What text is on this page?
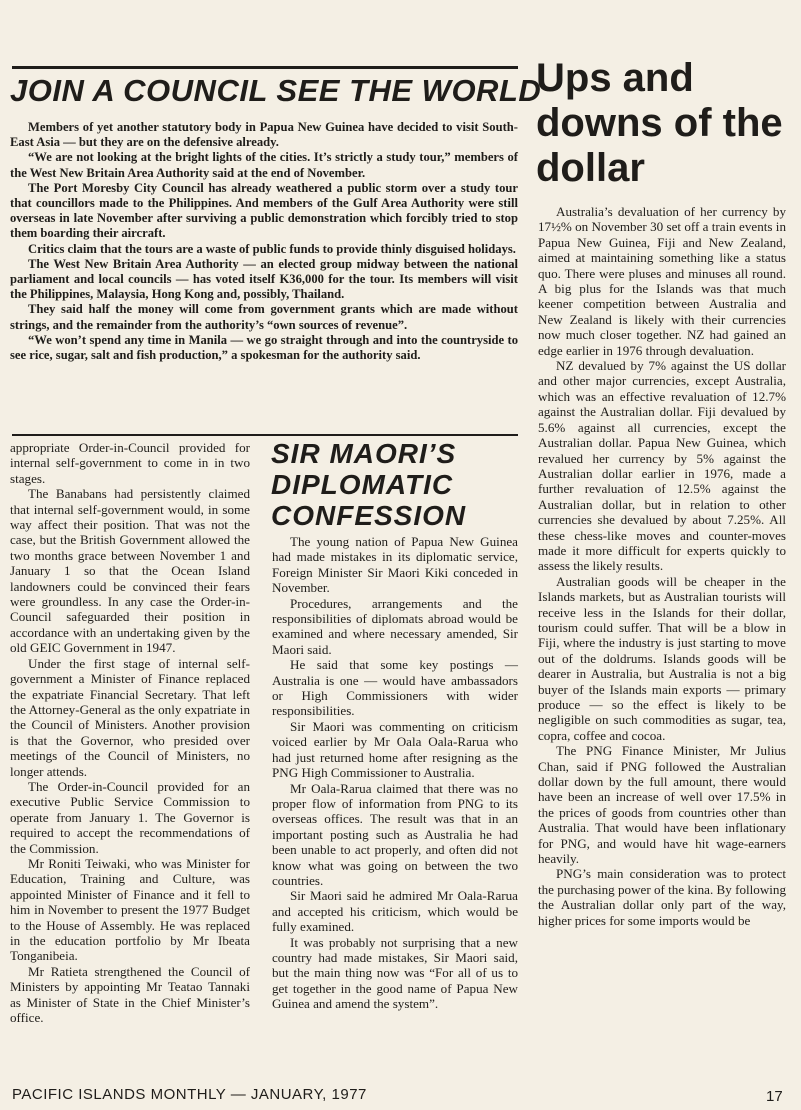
JOIN A COUNCIL SEE THE WORLD

Members of yet another statutory body in Papua New Guinea have decided to visit South-East Asia — but they are on the defensive already.

“We are not looking at the bright lights of the cities. It’s strictly a study tour,” members of the West New Britain Area Authority said at the end of November.

The Port Moresby City Council has already weathered a public storm over a study tour that councillors made to the Philippines. And members of the Gulf Area Authority were still overseas in late November after surviving a public demonstration which forcibly tried to stop them boarding their aircraft.

Critics claim that the tours are a waste of public funds to provide thinly disguised holidays.

The West New Britain Area Authority — an elected group midway between the national parliament and local councils — has voted itself K36,000 for the tour. Its members will visit the Philippines, Malaysia, Hong Kong and, possibly, Thailand.

They said half the money will come from government grants which are made without strings, and the remainder from the authority’s “own sources of revenue”.

“We won’t spend any time in Manila — we go straight through and into the countryside to see rice, sugar, salt and fish production,” a spokesman for the authority said.

appropriate Order-in-Council provided for internal self-government to come in in two stages.

The Banabans had persistently claimed that internal self-government would, in some way affect their position. That was not the case, but the British Government allowed the two months grace between November 1 and January 1 so that the Ocean Island landowners could be convinced their fears were groundless. In any case the Order-in-Council safeguarded their position in accordance with an undertaking given by the old GEIC Government in 1947.

Under the first stage of internal self-government a Minister of Finance replaced the expatriate Financial Secretary. That left the Attorney-General as the only expatriate in the Council of Ministers. Another provision is that the Governor, who presided over meetings of the Council of Ministers, no longer attends.

The Order-in-Council provided for an executive Public Service Commission to operate from January 1. The Governor is required to accept the recommendations of the Commission.

Mr Roniti Teiwaki, who was Minister for Education, Training and Culture, was appointed Minister of Finance and it fell to him in November to present the 1977 Budget to the House of Assembly. He was replaced in the education portfolio by Mr Ibeata Tonganibeia.

Mr Ratieta strengthened the Council of Ministers by appointing Mr Teatao Tannaki as Minister of State in the Chief Minister’s office.

SIR MAORI’S DIPLOMATIC CONFESSION

The young nation of Papua New Guinea had made mistakes in its diplomatic service, Foreign Minister Sir Maori Kiki conceded in November.

Procedures, arrangements and the responsibilities of diplomats abroad would be examined and where necessary amended, Sir Maori said.

He said that some key postings — Australia is one — would have ambassadors or High Commissioners with wider responsibilities.

Sir Maori was commenting on criticism voiced earlier by Mr Oala Oala-Rarua who had just returned home after resigning as the PNG High Commissioner to Australia.

Mr Oala-Rarua claimed that there was no proper flow of information from PNG to its overseas offices. The result was that in an important posting such as Australia he had been unable to act properly, and often did not know what was going on between the two countries.

Sir Maori said he admired Mr Oala-Rarua and accepted his criticism, which would be fully examined.

It was probably not surprising that a new country had made mistakes, Sir Maori said, but the main thing now was “For all of us to get together in the good name of Papua New Guinea and amend the system”.

Ups and downs of the dollar

Australia’s devaluation of her currency by 17½% on November 30 set off a train events in Papua New Guinea, Fiji and New Zealand, aimed at maintaining something like a status quo. There were pluses and minuses all round. A big plus for the Islands was that much keener competition between Australia and New Zealand is likely with their currencies now much closer together. NZ had gained an edge earlier in 1976 through devaluation.

NZ devalued by 7% against the US dollar and other major currencies, except Australia, which was an effective revaluation of 12.7% against the Australian dollar. Fiji devalued by 5.6% against all currencies, except the Australian dollar. Papua New Guinea, which revalued her currency by 5% against the Australian dollar earlier in 1976, made a further revaluation of 12.5% against the Australian dollar, but in relation to other currencies she devalued by about 7.25%. All these chess-like moves and counter-moves made it more difficult for experts quickly to assess the likely results.

Australian goods will be cheaper in the Islands markets, but as Australian tourists will receive less in the Islands for their dollar, tourism could suffer. That will be a blow in Fiji, where the industry is just starting to move out of the doldrums. Islands goods will be dearer in Australia, but Australia is not a big buyer of the Islands main exports — primary produce — so the effect is likely to be negligible on such commodities as sugar, tea, copra, coffee and cocoa.

The PNG Finance Minister, Mr Julius Chan, said if PNG followed the Australian dollar down by the full amount, there would have been an increase of well over 17.5% in the prices of goods from countries other than Australia. That would have been inflationary for PNG, and would have hit wage-earners heavily.

PNG’s main consideration was to protect the purchasing power of the kina. By following the Australian dollar only part of the way, higher prices for some imports would be

PACIFIC ISLANDS MONTHLY — JANUARY, 1977	17
